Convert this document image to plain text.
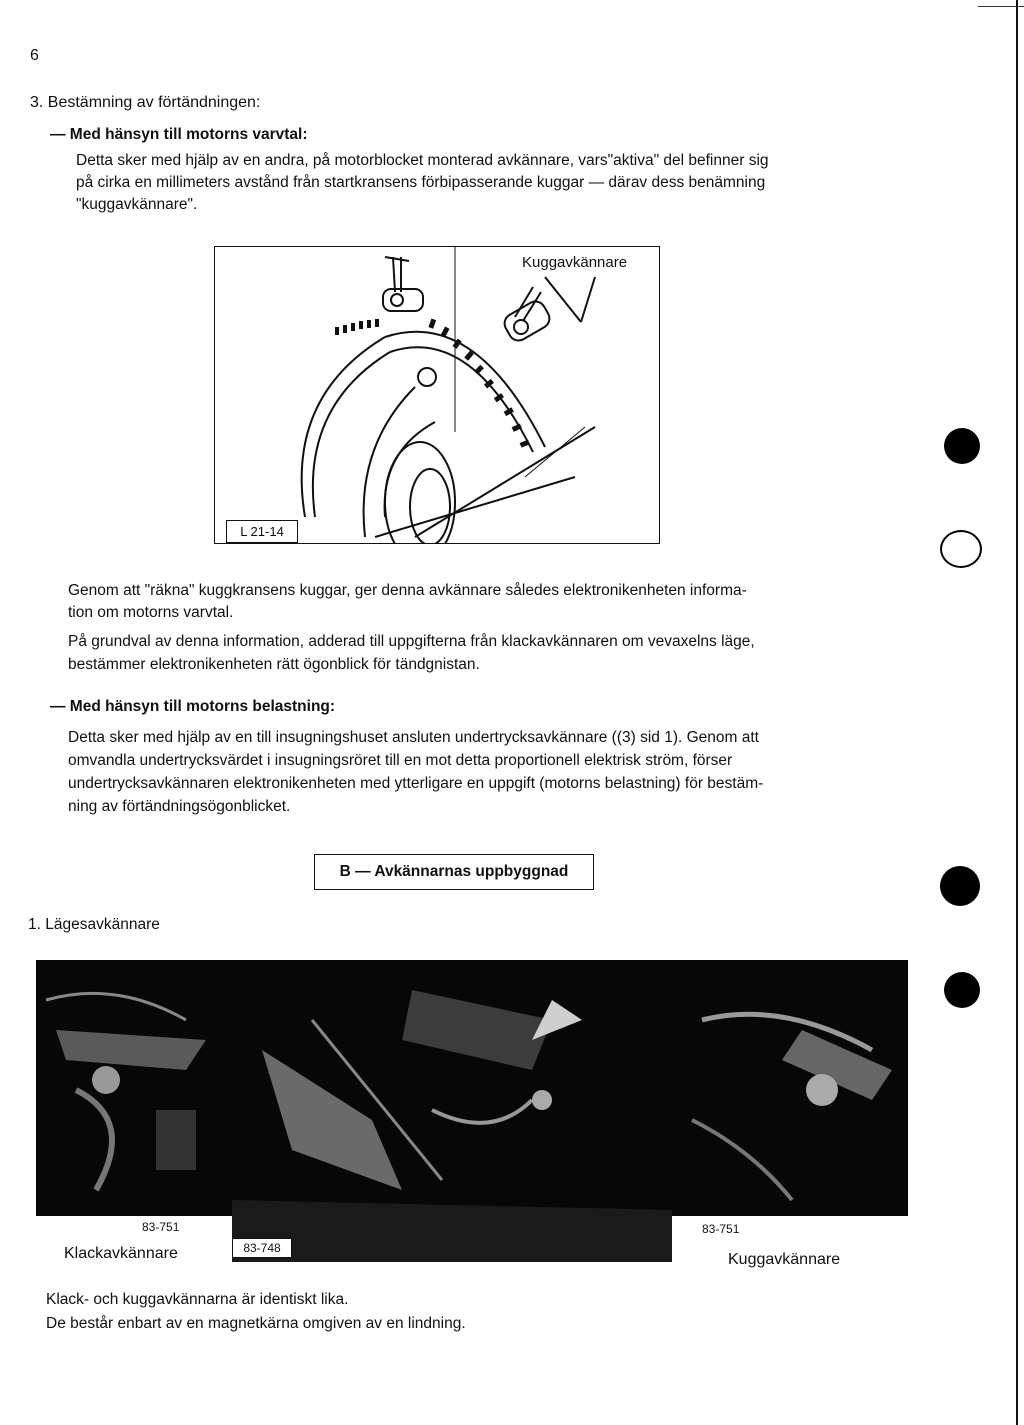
6
3. Bestämning av förtändningen:
— Med hänsyn till motorns varvtal:
Detta sker med hjälp av en andra, på motorblocket monterad avkännare, vars"aktiva" del befinner sig
på cirka en millimeters avstånd från startkransens förbipasserande kuggar — därav dess benämning
"kuggavkännare".
Kuggavkännare
L 21-14
Genom att "räkna" kuggkransens kuggar, ger denna avkännare således elektronikenheten informa-
tion om motorns varvtal.
På grundval av denna information, adderad till uppgifterna från klackavkännaren om vevaxelns läge,
bestämmer elektronikenheten rätt ögonblick för tändgnistan.
— Med hänsyn till motorns belastning:
Detta sker med hjälp av en till insugningshuset ansluten undertrycksavkännare ((3) sid 1). Genom att
omvandla undertrycksvärdet i insugningsröret till en mot detta proportionell elektrisk ström, förser
undertrycksavkännaren elektronikenheten med ytterligare en uppgift (motorns belastning) för bestäm-
ning av förtändningsögonblicket.
B — Avkännarnas uppbyggnad
1. Lägesavkännare
83-751
Klackavkännare	83-748
83-751
Kuggavkännare
Klack- och kuggavkännarna är identiskt lika.
De består enbart av en magnetkärna omgiven av en lindning.
